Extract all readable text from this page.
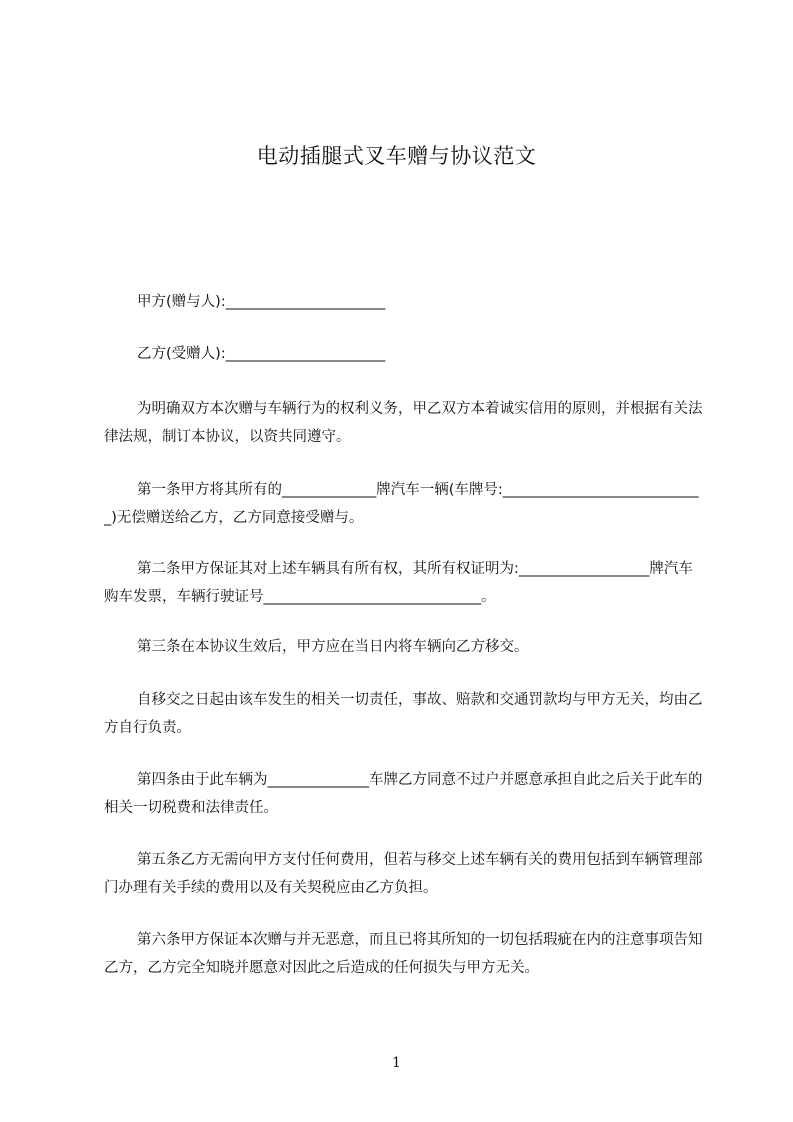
电动插腿式叉车赠与协议范文
甲方(赠与人):______________________
乙方(受赠人):______________________
为明确双方本次赠与车辆行为的权利义务，甲乙双方本着诚实信用的原则，并根据有关法律法规，制订本协议，以资共同遵守。
第一条甲方将其所有的_____________牌汽车一辆(车牌号:____________________________)无偿赠送给乙方，乙方同意接受赠与。
第二条甲方保证其对上述车辆具有所有权，其所有权证明为:__________________牌汽车购车发票，车辆行驶证号______________________________。
第三条在本协议生效后，甲方应在当日内将车辆向乙方移交。
自移交之日起由该车发生的相关一切责任，事故、赔款和交通罚款均与甲方无关，均由乙方自行负责。
第四条由于此车辆为______________车牌乙方同意不过户并愿意承担自此之后关于此车的相关一切税费和法律责任。
第五条乙方无需向甲方支付任何费用，但若与移交上述车辆有关的费用包括到车辆管理部门办理有关手续的费用以及有关契税应由乙方负担。
第六条甲方保证本次赠与并无恶意，而且已将其所知的一切包括瑕疵在内的注意事项告知乙方，乙方完全知晓并愿意对因此之后造成的任何损失与甲方无关。
1
